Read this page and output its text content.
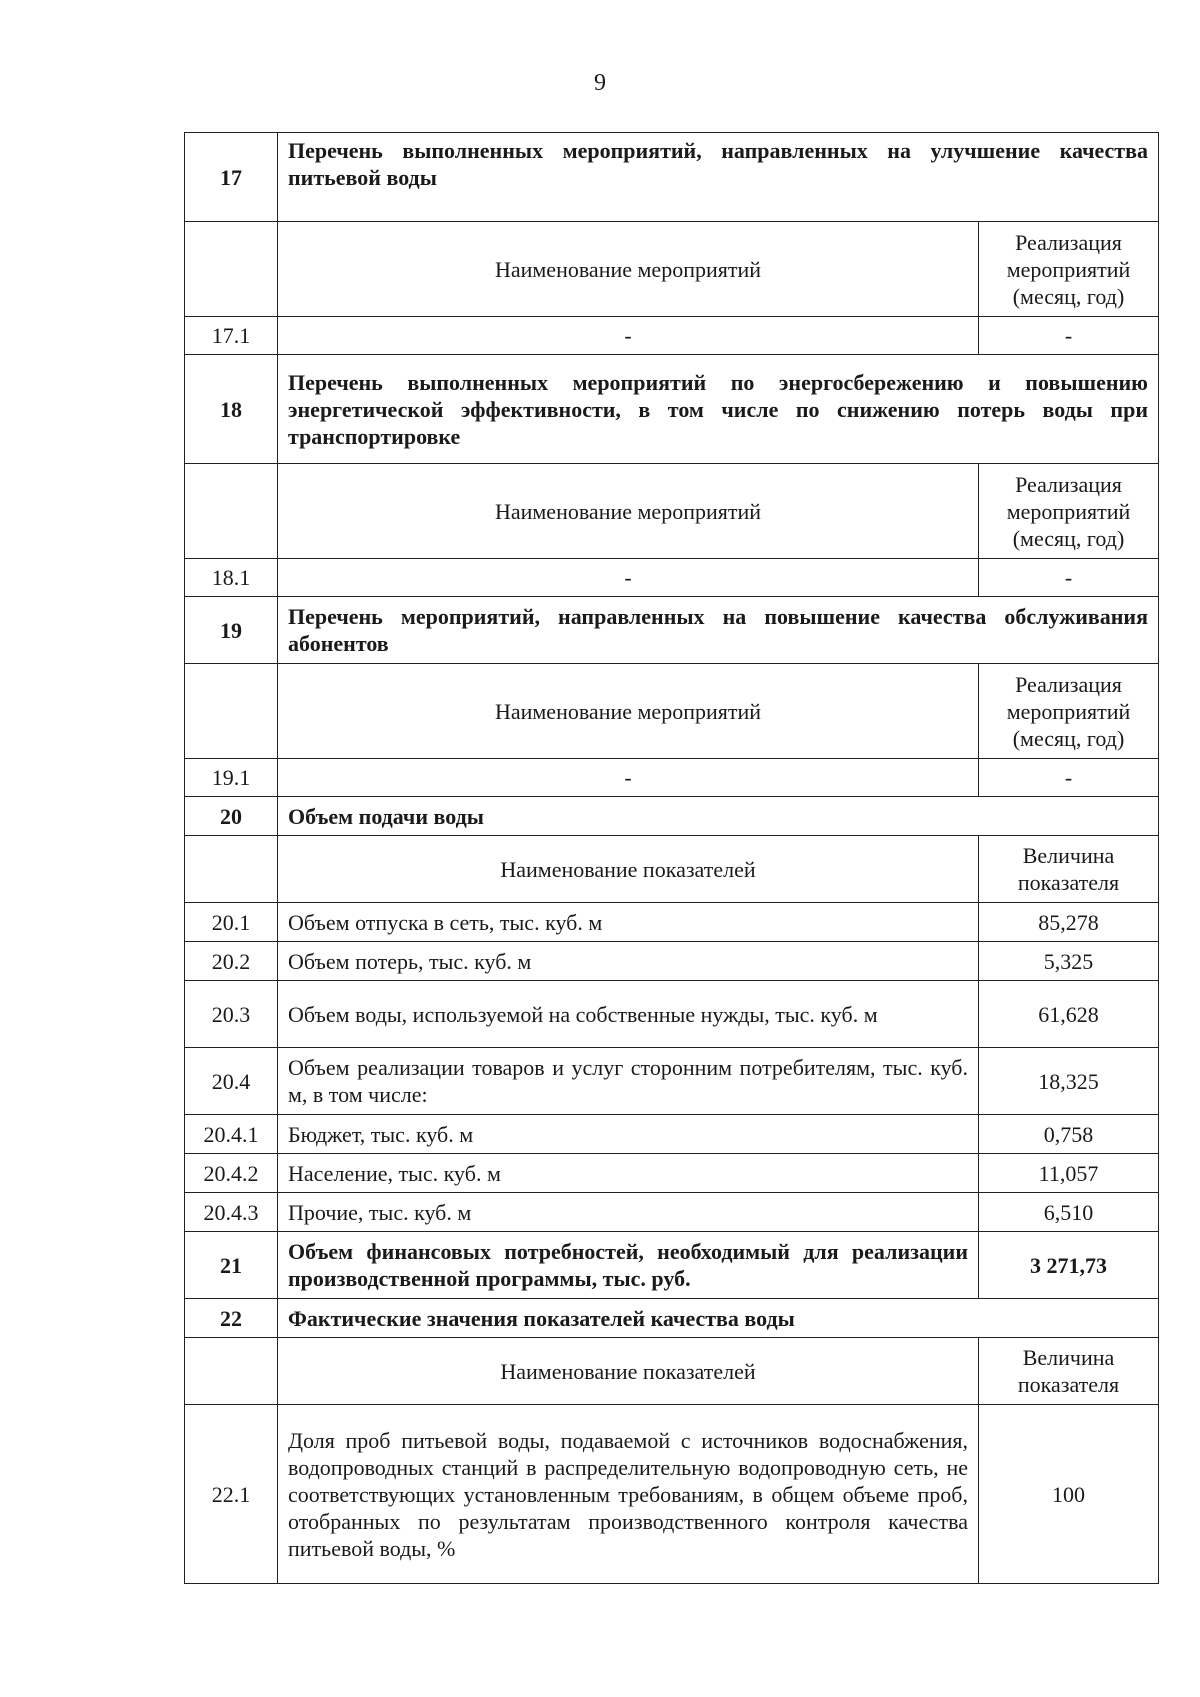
9
17	Перечень выполненных мероприятий, направленных на улучшение качества питьевой воды	
	Наименование мероприятий	Реализация мероприятий (месяц, год)
17.1	-	-
18	Перечень выполненных мероприятий по энергосбережению и повышению энергетической эффективности, в том числе по снижению потерь воды при транспортировке	
	Наименование мероприятий	Реализация мероприятий (месяц, год)
18.1	-	-
19	Перечень мероприятий, направленных на повышение качества обслуживания абонентов	
	Наименование мероприятий	Реализация мероприятий (месяц, год)
19.1	-	-
20	Объем подачи воды	
	Наименование показателей	Величина показателя
20.1	Объем отпуска в сеть, тыс. куб. м	85,278
20.2	Объем потерь, тыс. куб. м	5,325
20.3	Объем воды, используемой на собственные нужды, тыс. куб. м	61,628
20.4	Объем реализации товаров и услуг сторонним потребителям, тыс. куб. м, в том числе:	18,325
20.4.1	Бюджет, тыс. куб. м	0,758
20.4.2	Население, тыс. куб. м	11,057
20.4.3	Прочие, тыс. куб. м	6,510
21	Объем финансовых потребностей, необходимый для реализации производственной программы, тыс. руб.	3 271,73
22	Фактические значения показателей качества воды	
	Наименование показателей	Величина показателя
22.1	Доля проб питьевой воды, подаваемой с источников водоснабжения, водопроводных станций в распределительную водопроводную сеть, не соответствующих установленным требованиям, в общем объеме проб, отобранных по результатам производственного контроля качества питьевой воды, %	100
